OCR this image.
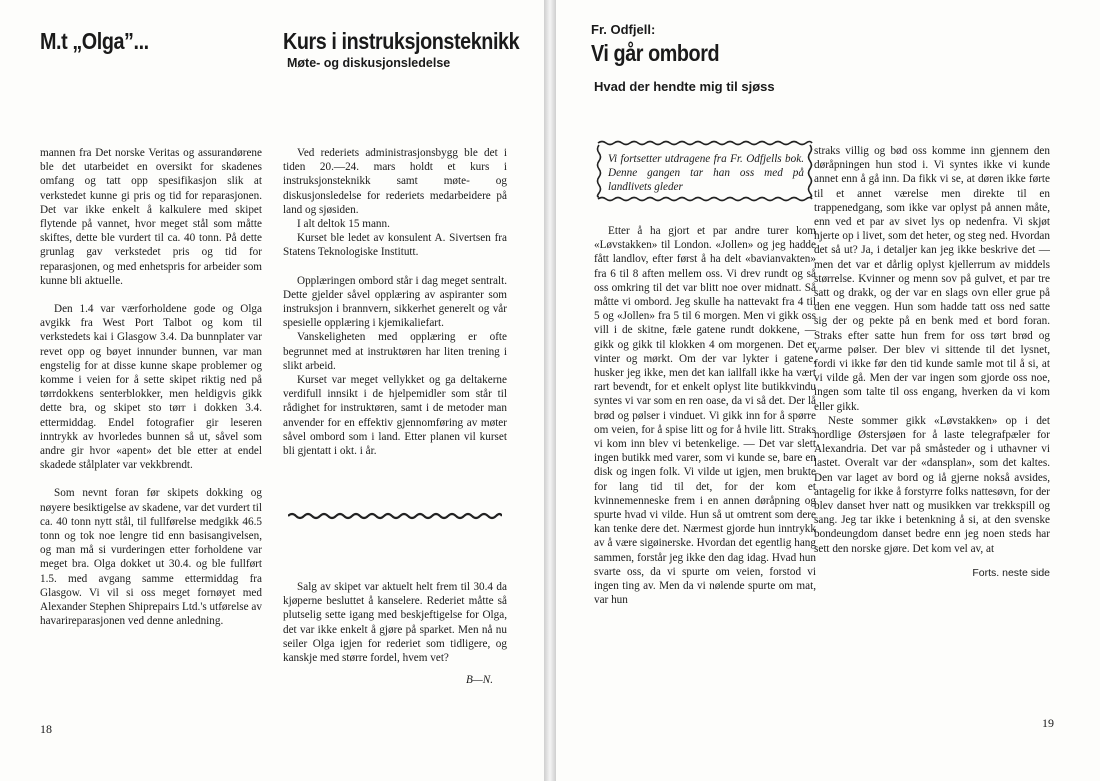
M.t „Olga”...	Kurs i instruksjonsteknikk
Møte- og diskusjonsledelse

mannen fra Det norske Veritas og assurandørene ble det utarbeidet en oversikt for skadenes omfang og tatt opp spesifikasjon slik at verkstedet kunne gi pris og tid for reparasjonen. Det var ikke enkelt å kalkulere med skipet flytende på vannet, hvor meget stål som måtte skiftes, dette ble vurdert til ca. 40 tonn. På dette grunlag gav verkstedet pris og tid for reparasjonen, og med enhetspris for arbeider som kunne bli aktuelle.

Den 1.4 var værforholdene gode og Olga avgikk fra West Port Talbot og kom til verkstedets kai i Glasgow 3.4. Da bunnplater var revet opp og bøyet innunder bunnen, var man engstelig for at disse kunne skape problemer og komme i veien for å sette skipet riktig ned på tørrdokkens senterblokker, men heldigvis gikk dette bra, og skipet sto tørr i dokken 3.4. ettermiddag. Endel fotografier gir leseren inntrykk av hvorledes bunnen så ut, såvel som andre gir hvor «apent» det ble etter at endel skadede stålplater var vekkbrendt.

Som nevnt foran før skipets dokking og nøyere besiktigelse av skadene, var det vurdert til ca. 40 tonn nytt stål, til fullførelse medgikk 46.5 tonn og tok noe lengre tid enn basisangivelsen, og man må si vurderingen etter forholdene var meget bra. Olga dokket ut 30.4. og ble fullført 1.5. med avgang samme ettermiddag fra Glasgow. Vi vil si oss meget fornøyet med Alexander Stephen Shiprepairs Ltd.'s utførelse av havarireparasjonen ved denne anledning.

Ved rederiets administrasjonsbygg ble det i tiden 20.—24. mars holdt et kurs i instruksjonsteknikk samt møte- og diskusjonsledelse for rederiets medarbeidere på land og sjøsiden.

I alt deltok 15 mann.

Kurset ble ledet av konsulent A. Sivertsen fra Statens Teknologiske Institutt.

Opplæringen ombord står i dag meget sentralt. Dette gjelder såvel opplæring av aspiranter som instruksjon i brannvern, sikkerhet generelt og vår spesielle opplæring i kjemikaliefart.

Vanskeligheten med opplæring er ofte begrunnet med at instruktøren har liten trening i slikt arbeid.

Kurset var meget vellykket og ga deltakerne verdifull innsikt i de hjelpemidler som står til rådighet for instruktøren, samt i de metoder man anvender for en effektiv gjennomføring av møter såvel ombord som i land. Etter planen vil kurset bli gjentatt i okt. i år.

Salg av skipet var aktuelt helt frem til 30.4 da kjøperne besluttet å kanselere. Rederiet måtte så plutselig sette igang med beskjeftigelse for Olga, det var ikke enkelt å gjøre på sparket. Men nå nu seiler Olga igjen for rederiet som tidligere, og kanskje med større fordel, hvem vet?

B—N.
18
Fr. Odfjell:
Vi går ombord
Hvad der hendte mig til sjøss

straks villig og bød oss komme inn gjennem den døråpningen hun stod i. Vi syntes ikke vi kunde annet enn å gå inn. Da fikk vi se, at døren ikke førte til et annet værelse men direkte til en trappenedgang, som ikke var oplyst på annen måte, enn ved et par av sivet lys op nedenfra. Vi skjøt hjerte op i livet, som det heter, og steg ned. Hvordan det så ut? Ja, i detaljer kan jeg ikke beskrive det — men det var et dårlig oplyst kjellerrum av middels størrelse. Kvinner og menn sov på gulvet, et par tre satt og drakk, og der var en slags ovn eller grue på den ene veggen. Hun som hadde tatt oss ned satte sig der og pekte på en benk med et bord foran. Straks efter satte hun frem for oss tørt brød og varme pølser. Der blev vi sittende til det lysnet, fordi vi ikke før den tid kunde samle mot til å si, at vi vilde gå. Men der var ingen som gjorde oss noe, ingen som talte til oss engang, hverken da vi kom eller gikk.

Neste sommer gikk «Løvstakken» op i det nordlige Østersjøen for å laste telegrafpæler for Alexandria. Det var på småsteder og i uthavner vi lastet. Overalt var der «dansplan», som det kaltes. Den var laget av bord og iå gjerne nokså avsides, antagelig for ikke å forstyrre folks nattesøvn, for der blev danset hver natt og musikken var trekkspill og sang. Jeg tar ikke i betenkning å si, at den svenske bondeungdom danset bedre enn jeg noen steds har sett den norske gjøre. Det kom vel av, at

Forts. neste side

Etter å ha gjort et par andre turer kom «Løvstakken» til London. «Jollen» og jeg hadde fått landlov, efter først å ha delt «bavianvakten» fra 6 til 8 aften mellem oss. Vi drev rundt og så oss omkring til det var blitt noe over midnatt. Så måtte vi ombord. Jeg skulle ha nattevakt fra 4 til 5 og «Jollen» fra 5 til 6 morgen. Men vi gikk oss vill i de skitne, fæle gatene rundt dokkene, — gikk og gikk til klokken 4 om morgenen. Det er vinter og mørkt. Om der var lykter i gatene, husker jeg ikke, men det kan iallfall ikke ha vært rart bevendt, for et enkelt oplyst lite butikkvindu syntes vi var som en ren oase, da vi så det. Der lå brød og pølser i vinduet. Vi gikk inn for å spørre om veien, for å spise litt og for å hvile litt. Straks vi kom inn blev vi betenkelige. — Det var slett ingen butikk med varer, som vi kunde se, bare en disk og ingen folk. Vi vilde ut igjen, men brukte for lang tid til det, for der kom et kvinnemenneske frem i en annen døråpning og spurte hvad vi vilde. Hun så ut omtrent som dere kan tenke dere det. Nærmest gjorde hun inntrykk av å være sigøinerske. Hvordan det egentlig hang sammen, forstår jeg ikke den dag idag. Hvad hun svarte oss, da vi spurte om veien, forstod vi ingen ting av. Men da vi nølende spurte om mat, var hun

19
Vi fortsetter utdragene fra Fr. Odfjells bok. Denne gangen tar han oss med på landlivets gleder
